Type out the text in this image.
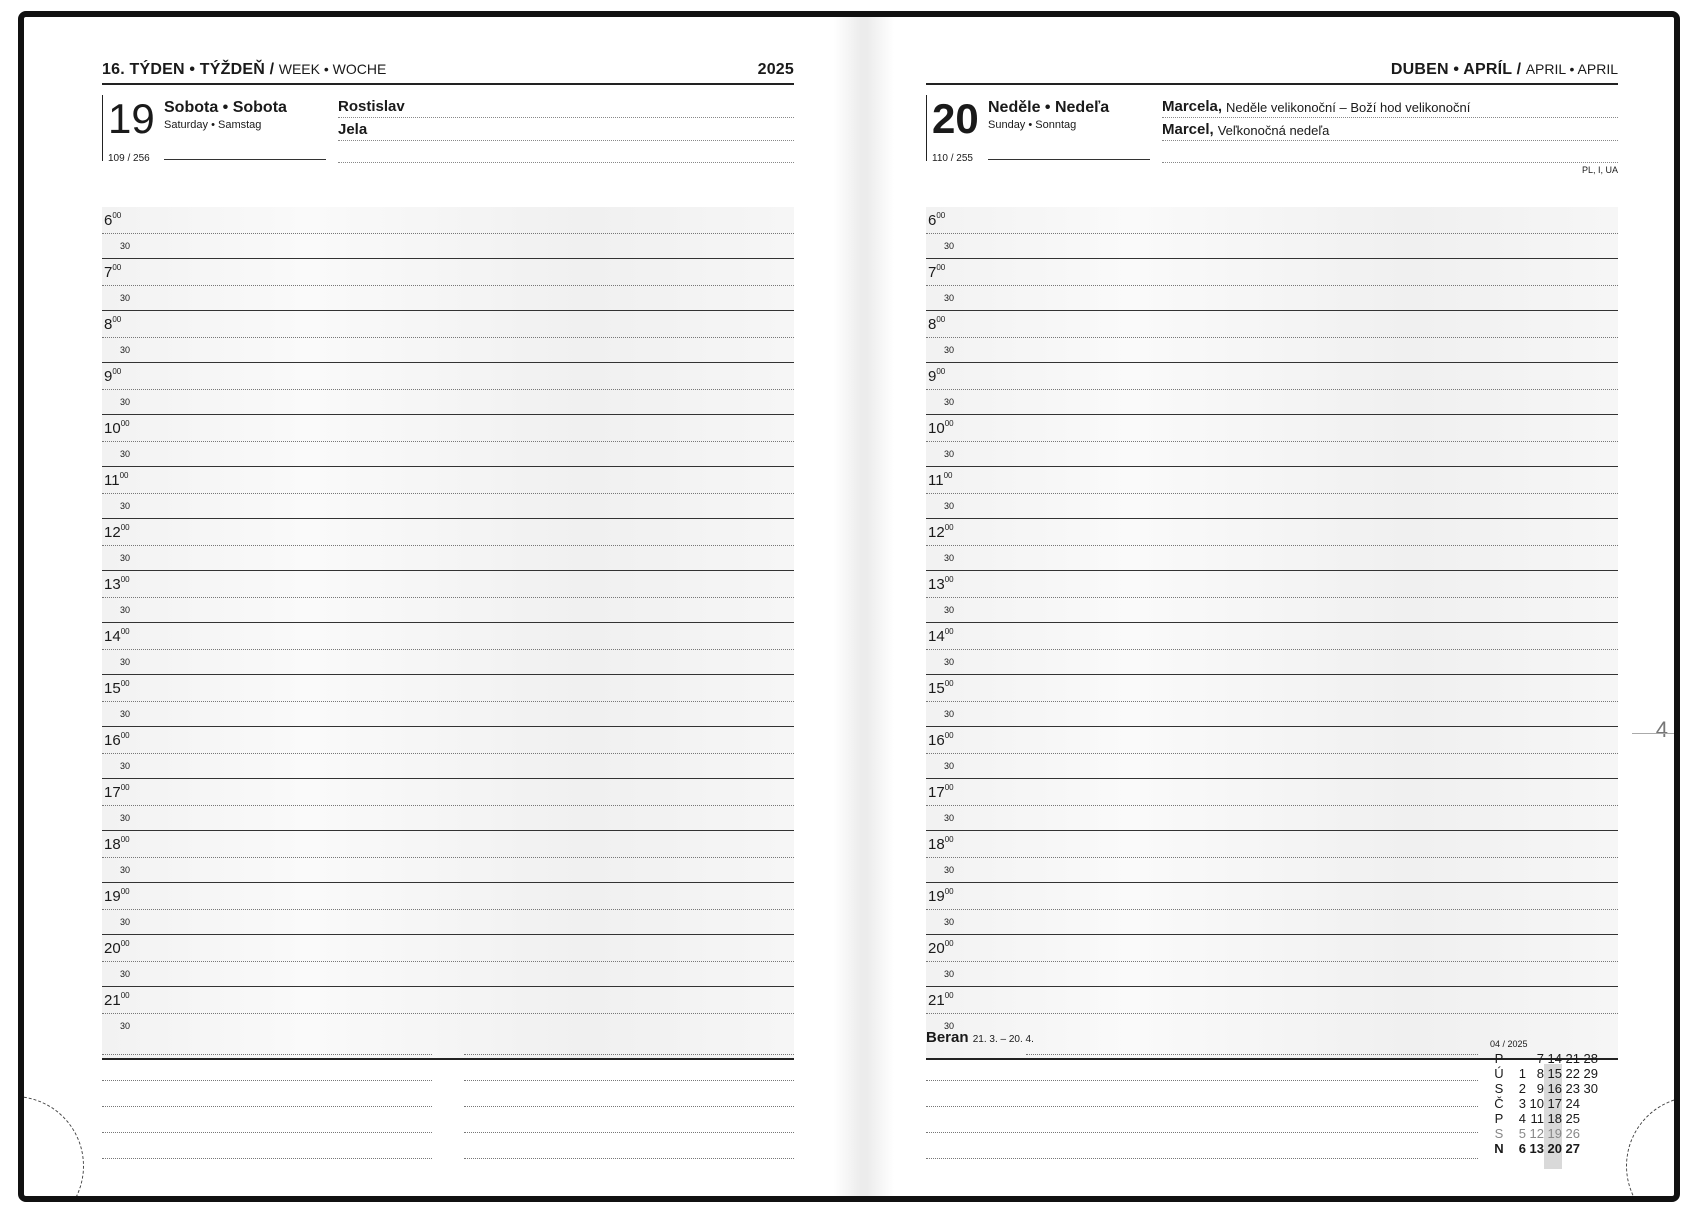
16. TÝDEN • TÝŽDEŇ / WEEK • WOCHE	2025
19
109 / 256
Sobota • Sobota
Saturday • Samstag
Rostislav
Jela
$6^{00}$
30
$7^{00}$
30
$8^{00}$
30
$9^{00}$
30
$10^{00}$
30
$11^{00}$
30
$12^{00}$
30
$13^{00}$
30
$14^{00}$
30
$15^{00}$
30
$16^{00}$
30
$17^{00}$
30
$18^{00}$
30
$19^{00}$
30
$20^{00}$
30
$21^{00}$
30
DUBEN • APRÍL / APRIL • APRIL
20
110 / 255
Neděle • Nedeľa
Sunday • Sonntag
Marcela, Neděle velikonoční – Boží hod velikonoční
Marcel, Veľkonočná nedeľa
PL, I, UA
$6^{00}$
30
$7^{00}$
30
$8^{00}$
30
$9^{00}$
30
$10^{00}$
30
$11^{00}$
30
$12^{00}$
30
$13^{00}$
30
$14^{00}$
30
$15^{00}$
30
$16^{00}$
30
$17^{00}$
30
$18^{00}$
30
$19^{00}$
30
$20^{00}$
30
$21^{00}$
30
Beran 21. 3. – 20. 4.	04 / 2025
P	7 14 21 28
Ú	1 8 15 22 29
S	2 9 16 23 30
Č	3 10 17 24
P	4 11 18 25
S	5 12 19 26
N	6 13 20 27
4
